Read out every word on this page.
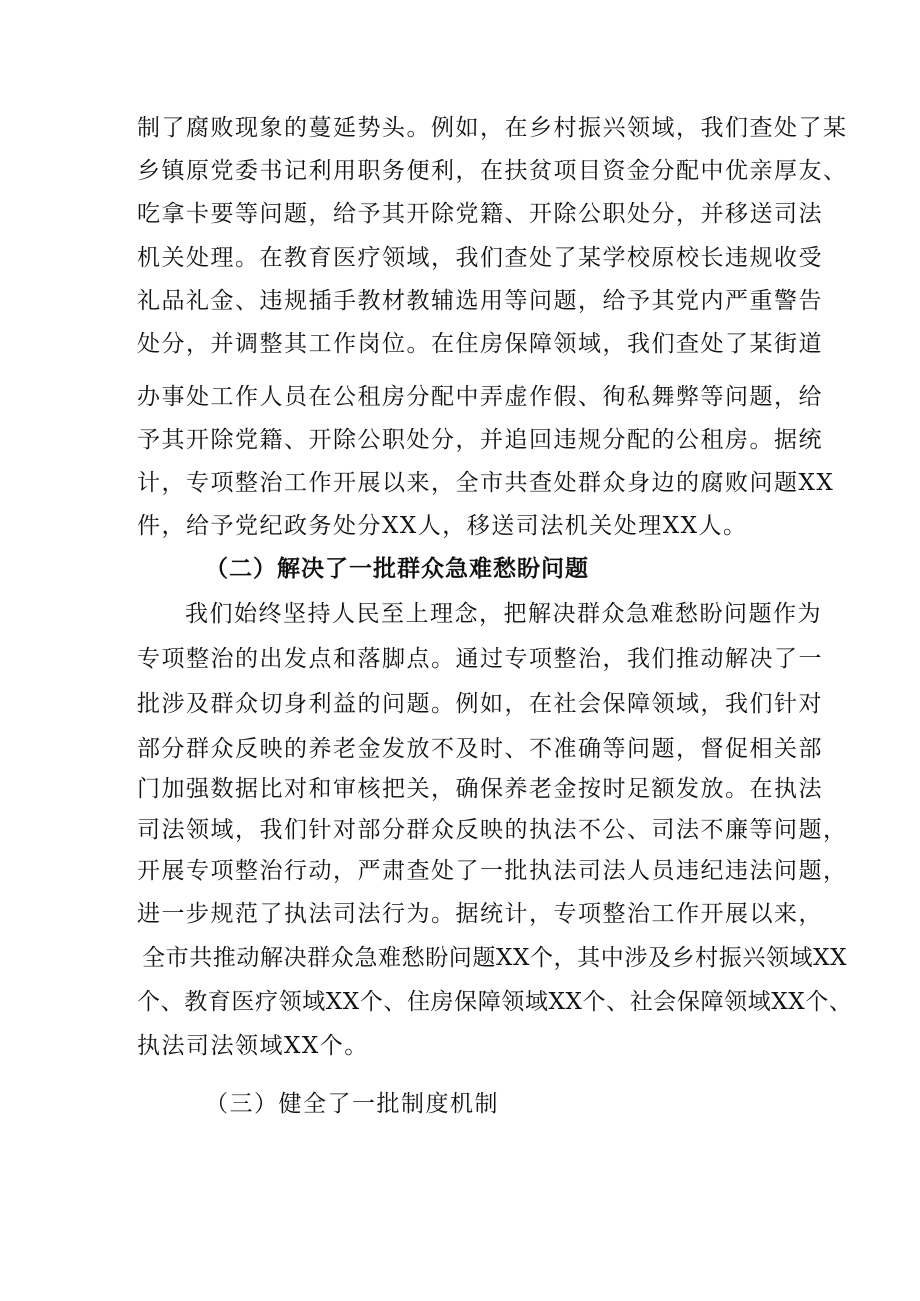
制了腐败现象的蔓延势头。例如，在乡村振兴领域，我们查处了某
乡镇原党委书记利用职务便利，在扶贫项目资金分配中优亲厚友、
吃拿卡要等问题，给予其开除党籍、开除公职处分，并移送司法
机关处理。在教育医疗领域，我们查处了某学校原校长违规收受
礼品礼金、违规插手教材教辅选用等问题，给予其党内严重警告
处分，并调整其工作岗位。在住房保障领域，我们查处了某街道
办事处工作人员在公租房分配中弄虚作假、徇私舞弊等问题，给
予其开除党籍、开除公职处分，并追回违规分配的公租房。据统
计，专项整治工作开展以来，全市共查处群众身边的腐败问题XX
件，给予党纪政务处分XX人，移送司法机关处理XX人。
（二）解决了一批群众急难愁盼问题
我们始终坚持人民至上理念，把解决群众急难愁盼问题作为
专项整治的出发点和落脚点。通过专项整治，我们推动解决了一
批涉及群众切身利益的问题。例如，在社会保障领域，我们针对
部分群众反映的养老金发放不及时、不准确等问题，督促相关部
门加强数据比对和审核把关，确保养老金按时足额发放。在执法
司法领域，我们针对部分群众反映的执法不公、司法不廉等问题，
开展专项整治行动，严肃查处了一批执法司法人员违纪违法问题，
进一步规范了执法司法行为。据统计，专项整治工作开展以来，
全市共推动解决群众急难愁盼问题XX个，其中涉及乡村振兴领域XX
个、教育医疗领域XX个、住房保障领域XX个、社会保障领域XX个、
执法司法领域XX个。
（三）健全了一批制度机制
